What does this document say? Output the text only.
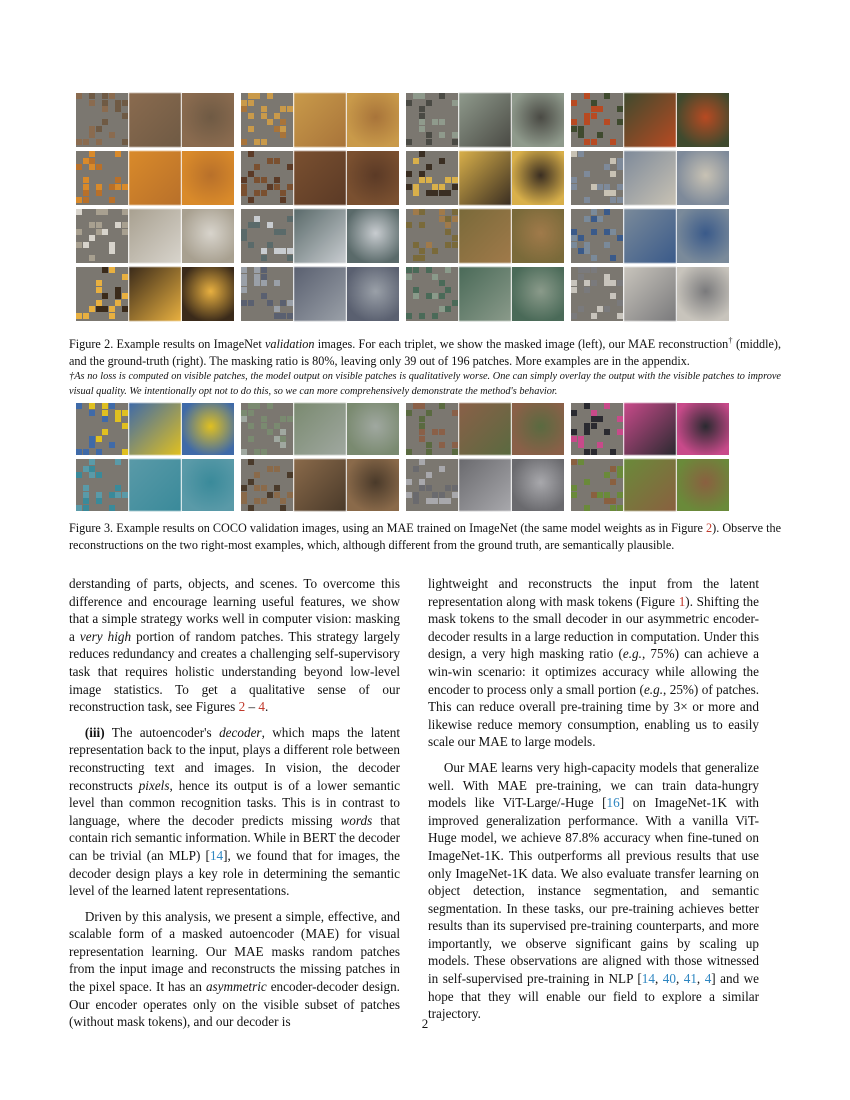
Figure 2. Example results on ImageNet validation images. For each triplet, we show the masked image (left), our MAE reconstruction† (middle), and the ground-truth (right). The masking ratio is 80%, leaving only 39 out of 196 patches. More examples are in the appendix.
†As no loss is computed on visible patches, the model output on visible patches is qualitatively worse. One can simply overlay the output with the visible patches to improve visual quality. We intentionally opt not to do this, so we can more comprehensively demonstrate the method's behavior.
Figure 3. Example results on COCO validation images, using an MAE trained on ImageNet (the same model weights as in Figure 2). Observe the reconstructions on the two right-most examples, which, although different from the ground truth, are semantically plausible.

derstanding of parts, objects, and scenes. To overcome this difference and encourage learning useful features, we show that a simple strategy works well in computer vision: masking a very high portion of random patches. This strategy largely reduces redundancy and creates a challenging self-supervisory task that requires holistic understanding beyond low-level image statistics. To get a qualitative sense of our reconstruction task, see Figures 2 – 4.

(iii) The autoencoder's decoder, which maps the latent representation back to the input, plays a different role between reconstructing text and images. In vision, the decoder reconstructs pixels, hence its output is of a lower semantic level than common recognition tasks. This is in contrast to language, where the decoder predicts missing words that contain rich semantic information. While in BERT the decoder can be trivial (an MLP) [14], we found that for images, the decoder design plays a key role in determining the semantic level of the learned latent representations.

Driven by this analysis, we present a simple, effective, and scalable form of a masked autoencoder (MAE) for visual representation learning. Our MAE masks random patches from the input image and reconstructs the missing patches in the pixel space. It has an asymmetric encoder-decoder design. Our encoder operates only on the visible subset of patches (without mask tokens), and our decoder is

lightweight and reconstructs the input from the latent representation along with mask tokens (Figure 1). Shifting the mask tokens to the small decoder in our asymmetric encoder-decoder results in a large reduction in computation. Under this design, a very high masking ratio (e.g., 75%) can achieve a win-win scenario: it optimizes accuracy while allowing the encoder to process only a small portion (e.g., 25%) of patches. This can reduce overall pre-training time by 3× or more and likewise reduce memory consumption, enabling us to easily scale our MAE to large models.

Our MAE learns very high-capacity models that generalize well. With MAE pre-training, we can train data-hungry models like ViT-Large/-Huge [16] on ImageNet-1K with improved generalization performance. With a vanilla ViT-Huge model, we achieve 87.8% accuracy when fine-tuned on ImageNet-1K. This outperforms all previous results that use only ImageNet-1K data. We also evaluate transfer learning on object detection, instance segmentation, and semantic segmentation. In these tasks, our pre-training achieves better results than its supervised pre-training counterparts, and more importantly, we observe significant gains by scaling up models. These observations are aligned with those witnessed in self-supervised pre-training in NLP [14, 40, 41, 4] and we hope that they will enable our field to explore a similar trajectory.

2
